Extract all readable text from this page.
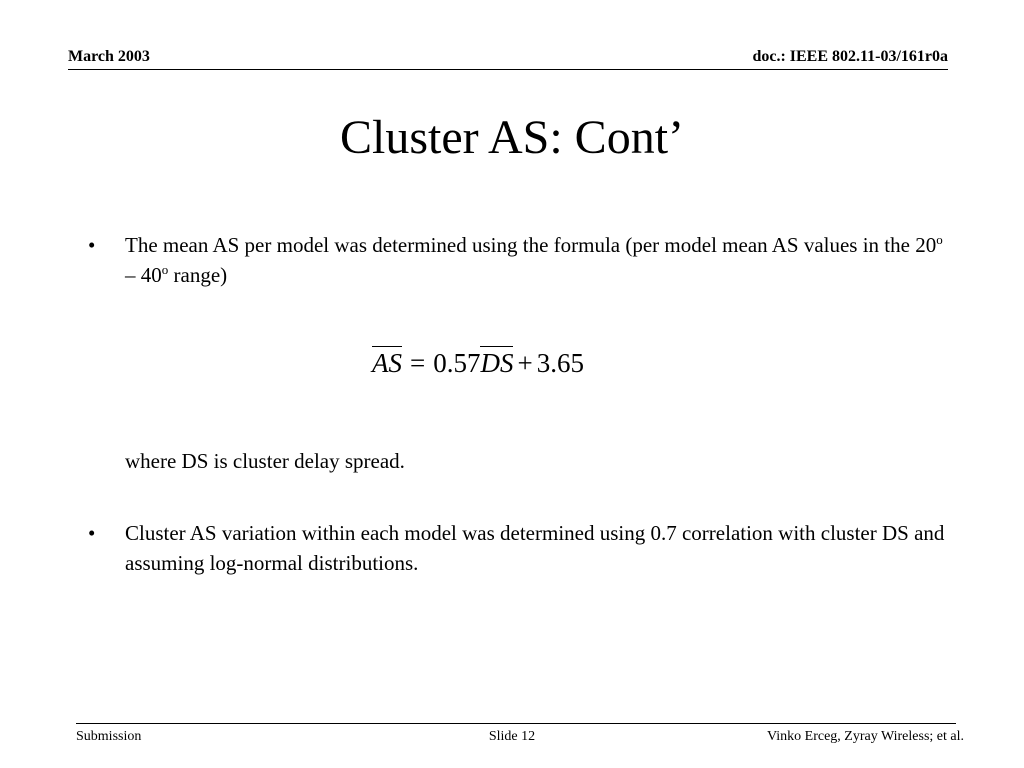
March 2003	doc.: IEEE 802.11-03/161r0a
Cluster AS: Cont’
• The mean AS per model was determined using the formula (per model mean AS values in the 20$^o$ – 40$^o$ range)
AS = 0.57DS + 3.65
where DS is cluster delay spread.
• Cluster AS variation within each model was determined using 0.7 correlation with cluster DS and assuming log-normal distributions.
Submission	Slide 12	Vinko Erceg, Zyray Wireless; et al.
